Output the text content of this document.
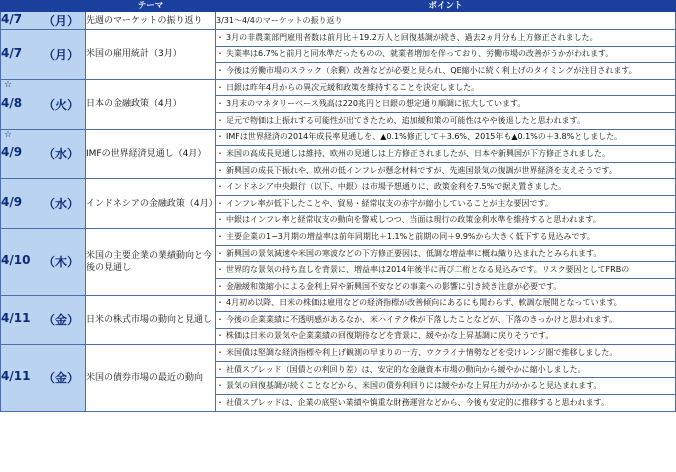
	テーマ	ポイント

4/7 （月）	先週のマーケットの振り返り	3/31～4/4のマーケットの振り返り

4/7 （月）	米国の雇用統計（3月）	・ 3月の非農業部門雇用者数は前月比＋19.2万人と回復基調が続き、過去2ヵ月分も上方修正されました。
		・ 失業率は6.7%と前月と同水準だったものの、就業者増加を伴っており、労働市場の改善がうかがわれます。
		・ 今後は労働市場のスラック（余剰）改善などが必要と見られ、QE縮小に続く利上げのタイミングが注目されます。

☆
4/8 （火）	日本の金融政策（4月）	・ 日銀は昨年4月からの異次元緩和政策を維持することを決定しました。
		・ 3月末のマネタリーベース残高は220兆円と日銀の想定通り順調に拡大しています。
		・ 足元で物価は上振れする可能性が出てきたため、追加緩和策の可能性はやや後退したと思われます。

☆
4/9 （水）	IMFの世界経済見通し（4月）	・ IMFは世界経済の2014年成長率見通しを、▲0.1%修正して＋3.6%、2015年も▲0.1%の＋3.8%としました。
		・ 米国の高成長見通しは維持、欧州の見通しは上方修正されましたが、日本や新興国が下方修正されました。
		・ 新興国の成長下振れや、欧州の低インフレが懸念材料ですが、先進国景気の復調が世界経済を支えそうです。

4/9 （水）	インドネシアの金融政策（4月）	・ インドネシア中央銀行（以下、中銀）は市場予想通りに、政策金利を7.5%で据え置きました。
		・ インフレ率が低下したことや、貿易・経常収支の赤字が縮小していることが主な要因です。
		・ 中銀はインフレ率と経常収支の動向を警戒しつつ、当面は現行の政策金利水準を維持すると思われます。

4/10 （木）	米国の主要企業の業績動向と今後の見通し	・ 主要企業の1−3月期の増益率は前年同期比＋1.1%と前期の同＋9.9%から大きく低下する見込みです。
		・ 新興国の景気減速や米国の寒波などの下方修正要因は、低調な増益率に概ね織り込まれたとみられます。
		・ 世界的な景気の持ち直しを背景に、増益率は2014年後半に再び二桁となる見込みです。リスク要因としてFRBの
		・ 金融緩和策縮小による金利上昇や新興国不安などの事業への影響に引き続き注意が必要です。

4/11 （金）	日米の株式市場の動向と見通し	・ 4月初め以降、日米の株価は雇用などの経済指標が改善傾向にあるにも関わらず、軟調な展開となっています。
		・ 今後の企業業績に不透明感があるなか、米ハイテク株が下落したことなどが、下落のきっかけと思われます。
		・ 株価は日米の景気や企業業績の回復期待などを背景に、緩やかな上昇基調に戻りそうです。

4/11 （金）	米国の債券市場の最近の動向	・ 米国債は堅調な経済指標や利上げ観測の早まりの一方、ウクライナ情勢などを受けレンジ圏で推移しました。
		・ 社債スプレッド（国債との利回り差）は、安定的な金融資本市場の動向から緩やかに縮小しました。
		・ 景気の回復基調が続くことなどから、米国の債券利回りには緩やかな上昇圧力がかかると見込まれます。
		・ 社債スプレッドは、企業の底堅い業績や慎重な財務運営などから、今後も安定的に推移すると思われます。
